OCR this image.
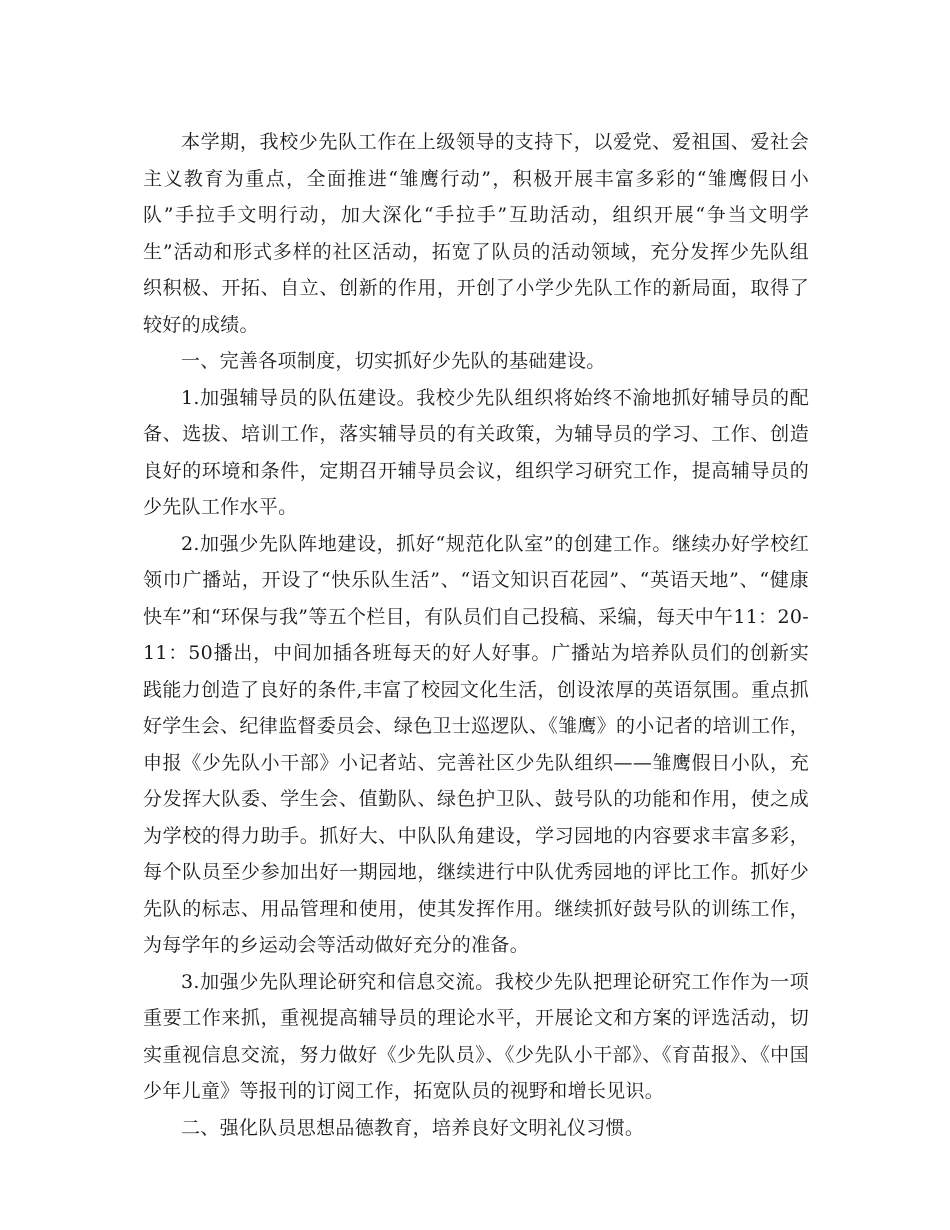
本学期，我校少先队工作在上级领导的支持下，以爱党、爱祖国、爱社会主义教育为重点，全面推进“雏鹰行动”，积极开展丰富多彩的“雏鹰假日小队”手拉手文明行动，加大深化“手拉手”互助活动，组织开展“争当文明学生”活动和形式多样的社区活动，拓宽了队员的活动领域，充分发挥少先队组织积极、开拓、自立、创新的作用，开创了小学少先队工作的新局面，取得了较好的成绩。

一、完善各项制度，切实抓好少先队的基础建设。

1.加强辅导员的队伍建设。我校少先队组织将始终不渝地抓好辅导员的配备、选拔、培训工作，落实辅导员的有关政策，为辅导员的学习、工作、创造良好的环境和条件，定期召开辅导员会议，组织学习研究工作，提高辅导员的少先队工作水平。

2.加强少先队阵地建设，抓好“规范化队室”的创建工作。继续办好学校红领巾广播站，开设了“快乐队生活”、“语文知识百花园”、“英语天地”、“健康快车”和“环保与我”等五个栏目，有队员们自己投稿、采编，每天中午11：20-11：50播出，中间加插各班每天的好人好事。广播站为培养队员们的创新实践能力创造了良好的条件,丰富了校园文化生活，创设浓厚的英语氛围。重点抓好学生会、纪律监督委员会、绿色卫士巡逻队、《雏鹰》的小记者的培训工作，申报《少先队小干部》小记者站、完善社区少先队组织——雏鹰假日小队，充分发挥大队委、学生会、值勤队、绿色护卫队、鼓号队的功能和作用，使之成为学校的得力助手。抓好大、中队队角建设，学习园地的内容要求丰富多彩，每个队员至少参加出好一期园地，继续进行中队优秀园地的评比工作。抓好少先队的标志、用品管理和使用，使其发挥作用。继续抓好鼓号队的训练工作，为每学年的乡运动会等活动做好充分的准备。

3.加强少先队理论研究和信息交流。我校少先队把理论研究工作作为一项重要工作来抓，重视提高辅导员的理论水平，开展论文和方案的评选活动，切实重视信息交流，努力做好《少先队员》、《少先队小干部》、《育苗报》、《中国少年儿童》等报刊的订阅工作，拓宽队员的视野和增长见识。

二、强化队员思想品德教育，培养良好文明礼仪习惯。
